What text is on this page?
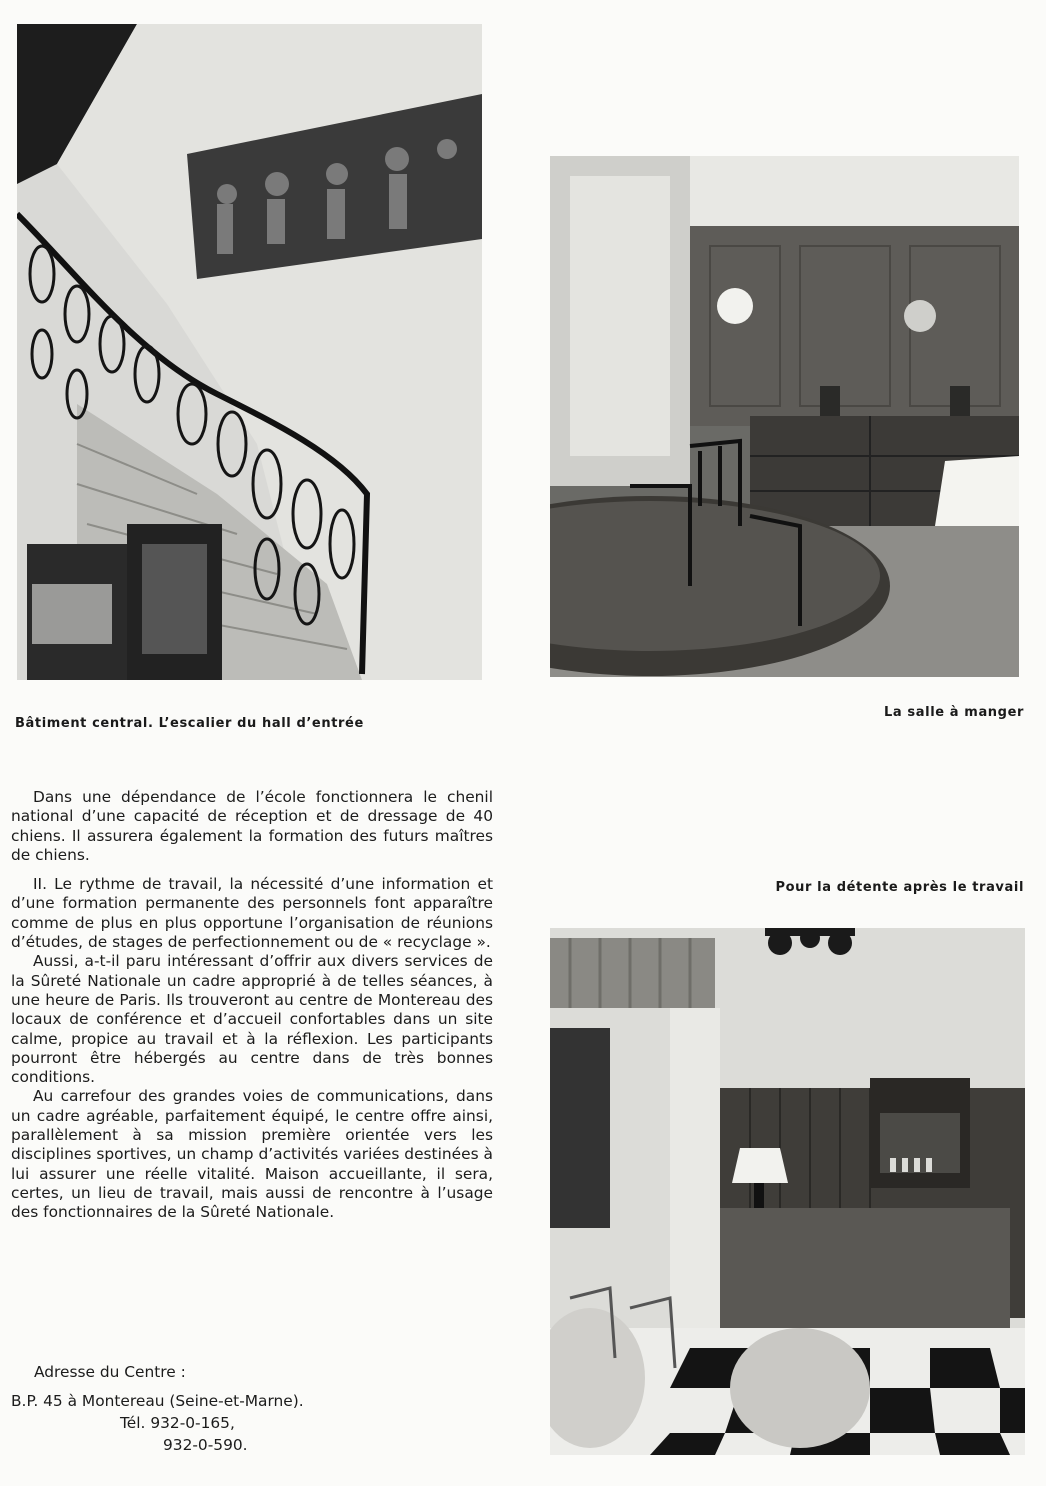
Bâtiment central. L’escalier du hall d’entrée
La salle à manger
Pour la détente après le travail

Dans une dépendance de l’école fonctionnera le chenil national d’une capacité de réception et de dressage de 40 chiens. Il assurera également la formation des futurs maîtres de chiens.

II. Le rythme de travail, la nécessité d’une information et d’une formation permanente des personnels font apparaître comme de plus en plus opportune l’organisation de réunions d’études, de stages de perfectionnement ou de « recyclage ».

Aussi, a-t-il paru intéressant d’offrir aux divers services de la Sûreté Nationale un cadre approprié à de telles séances, à une heure de Paris. Ils trouveront au centre de Montereau des locaux de conférence et d’accueil confortables dans un site calme, propice au travail et à la réflexion. Les participants pourront être hébergés au centre dans de très bonnes conditions.

Au carrefour des grandes voies de communications, dans un cadre agréable, parfaitement équipé, le centre offre ainsi, parallèlement à sa mission première orientée vers les disciplines sportives, un champ d’activités variées destinées à lui assurer une réelle vitalité. Maison accueillante, il sera, certes, un lieu de travail, mais aussi de rencontre à l’usage des fonctionnaires de la Sûreté Nationale.

Adresse du Centre :
B.P. 45 à Montereau (Seine-et-Marne).
Tél. 932-0-165,
932-0-590.
